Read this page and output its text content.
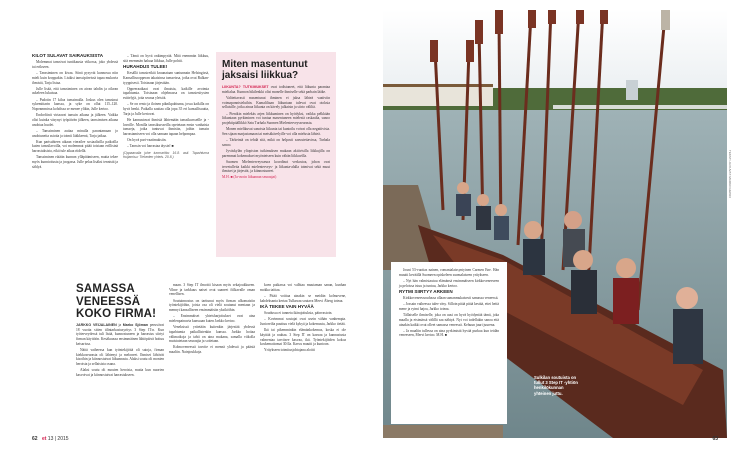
KILOT SULAVAT SAIRAUKSISTA

Molemmat tanssivat tuntikausia viikossa, joko yhdessä tai erikseen.

– Tanssiminen on kivaa. Siinä pysyvät kunnossa niin mieli kuin kroppakin. Lisäksi tanssipiireissä tapaa mukavia ihmisiä, Tarja listaa.

Julle lisää, että tanssiminen on aivan tahdin ja oikean askeleen lukuisaa.

– Pudotin 17 kiloa tanssimalla. Joskus olen tanssinut sykemittarin kanssa, ja syke on ollut 115–120. Nopeammissa kohdissa se menee ylikin, Julle kertoo.

Endorfiinit virtaavat tanssin aikana ja jälkeen. Vaikka olisi kuinka väsynyt työpäivän jälkeen, tanssimisen aikana unohtaa huolet.

– Tanssiminen auttaa minulla parantamaan jo unohtuneita asioita ja toimii lääkkeenä, Tarja jatkaa.

Kun parisuhteen aikaan vierailee sosiaalisilla paikoilla kuten tanssilavoilla, voi molemmat pitää toisiaan erillisinä harrastuksista, eikä tule aikaa riidellä.

Tanssiminen rütään kunnon ylläpitämiseen, mutta tekee myös kunnioitusta ja joogassa. Julle pelaa lisäksi tennistä ja sählyä.

– Tämä on hyvä onkimpyrää. Mitä enemmän liikkuu, sitä enemmän haluaa liikkua, Julle pohtii.

HURAHDUS TULEE!

Kesällä tanssiretkiä kruunataan suntunnain Helsingissä, Kansallisoopperan takaisinsa tansseissa, jotka ovat Balkan-tyyppisesti. Toisinaan järjestään.

Oppeeraatkaat ovat ilmaisia, kaikille avoimia tapahtumia. Toisinaan ohjelmassa on tanssiesitysten esittelyjä, joita seuraa yleisöä.

– Se on rento ja iloinen piknikpahtuma, jossa kaikilla on hyvä henki. Paikalla saattaa olla jopa 35 eri kansallisuutta, Tarja ja Julle kertovat.

He kannustavat ihmisiä lähtemään tanssikursseille ja -lavoille. Monilla tanssikursseilla opetetaan ensin vanhaisia tansseja, jotka tuntuvat ihmisiin, joihin tanssin harrastamiseen voi olla samaan tapaan helpompaa.

On hyvä pari-vaatimuksiin.

– Tanssin voi harrastaa täysin! ■

(Oppaavalla juhe tuomaritta: 16.8. asti. Tapahtuma fruijamisu: Tiekeden yhteis. 20.8.)

Miten masentunut jaksaisi liikkua?

LIIKUNTA? TUTKIMUKSET ovat todistaneet, että liikunta parantaa mielialaa. Kunnon hikilenkki olisi monelle ihmiselle sekä parhain lääke.

Valitettavasti masentunut ihminen ei jaksa lähteä vaativiin voimaponnisteluihin. Kamaliltaan liikuntaan tulevat ovat otoksia sellaisille, jotka ainoa liikunta on kävely jalkaisin ja siirto väliltä.

– Pienikin mielekäs arjen liikkuminen on hyödyksi, vaikka pelkkään liikuntaan pyrkiminen voi tuntua masentuneen mielestä raskaalta, sanoo projektipäällikkö Satu Turhala Suomen Mielenterveysseurasta.

Monen mielikuvat sanoista liikunta tai kuntoilu voivat olla negatiivisia. Sen sijaan marjastamaan tai metsäkävelyille voi olla mielusta lähteä.

– Tärkeintä on tehdä sitä, mikä on helposti saavutettavissa, Turhala sanoo.

Jyväskylän yliopiston tutkimuksen mukaan aktiivisilla liikkujilla on paremmat kokemukset myönteiseen kuin vähän liikkuvilla.

Suomen Mielenterveysseura koordinoi verkostoa, johon ovat tervetulleita kaikki mielenterveys- ja liikunta-alalla toimivat sekä muut ihmiset ja järjestöt, ja kiinnostuneet.

M.H. ■ (Ja-avoin liikunnan seuraajat)

SAMASSA VENEESSÄ KOKO FIRMA!

JARKKO VEIJALAINEN ja Marko Sjöman perustivat 18 vuotta sitten tilintarkastusyritys 3 Step IT:n. Kun työterveydessä tuli lisää, kunnostuneen ja harrastus siirtyi firman käyttöön. Kesäkuussa ensimmäinen lähtöpäivä hoituu keisarissa.

Näitä vaiheessa kun työntekijöitä oli satoja, firman kiekkoseurasta oli lähtenyt ja meloneet. Ihmiset lähtivät kisoihin ja kiinnostuivat liikunnasta. Alaksi soutu oli monien heroista ja sellaisista osana.

Alaksi soutu oli mouten heroista, mutta kun nuorten kasvoivat ja kiinnostuivat harrastukseen.

maan. 3 Step IT ilmoitti kisaan myös sekajoukkueen. Vihne ja tarkkuus naiset ovat saaneet fiilkavalle oman venellisen.

Soutuinnostus on tarttunut myös firman ulkomaisiin työntekijöihin, joista osa oli vielä soutanut mentaan ja mennyt kansalliseen ensimmäisiin yksiköihin.

– Ensimmäiset yhteisharjoitukset ovat aina mielenpainuvia kanssaan kuten Jarkko kertoo.

Veneksissä yritetään kuitenkin järjestää yhdessä tapahtumia paikallistenkin kanssa. Jarkko hoitaa välimatkoja ja tahti on aina mukana, samalla viikolla muistutetaan seuraajia ja soitetaan.

Kolmoveneessä tavoite ei mennä yhdessä ja päästä maaliin. Nainjoukkoja.

koen paikassa voi valhtaa muutaman sanan, kunhan mokka taittaa.

– Pitää voittaa ainakin se meidän kolmovene, kahdeksanta kertaa Tulkavaa soutava Mervi Åberg toteaa.

IKÄ TEKEE VAIN HYVÄÄ

Soudussa ei tunneta ikärajoituksia, päinvastoin.

– Kovimmat soutajat ovat usein vähän vanhempia. Junioreilta puuttuu vielä kykyä ja kokemusta, Jarkko tietää.

Ikä tai pikemminkin elämänkokemus, koska ei ole käyttää ja rauhaa. 3 Step IT on kaavaa ja kannustusta valmentaa tarvitsee kasvaa, ikä. Työntekijöiden kokoa koskemattomat 30:lla. Kasvu muutti ja kuntoon.

Yritykseen toimitusjohtajana aloitti

62 et 13 | 2015
Sulkilan soutuista on tullut 3 Step IT -yhtiön henkilökunnan yhteinen juttu.

Jouni 53-vuotias nainen, romanialaissyntyinen Carmen Ene. Hän muutti keväällä Suomeen opiskeleen suomalaiseen yritykseen.

– Nyt hän valmistautuu elämänsä ensimmäiseen kirkkoveneeseen ja peloissa istuu ja tuntuu, Jarkko kertoo.

RYTMI SIIRTYY ARKEEN

Kirkkoveneessoudussa ollaan samanmukaisesti samassa veneessä.

– Jossain vaiheessa tulee väsy. Silloin pitää pitää kestää, ettei heitä mene ja rytmi hajoa, Jarkko toteaa.

Tällaiselle ihmiselle, joka on uusi on hyvä hyödyntää tämä, joka maalla ja etsimässä välillä saa nähtyä. Nyt voi todellakin sanoa että ainakin kaikki ovat olleet samassa veneessä. Kehuun juuri juurena.

– Ja maaliin tullessa on aina pyrkimistä hyvää purkua kun teidän veneeseen, Mervi kertoo. M.H. ■

TEKSTI JA KUVAT: MARKO HEINO
63
